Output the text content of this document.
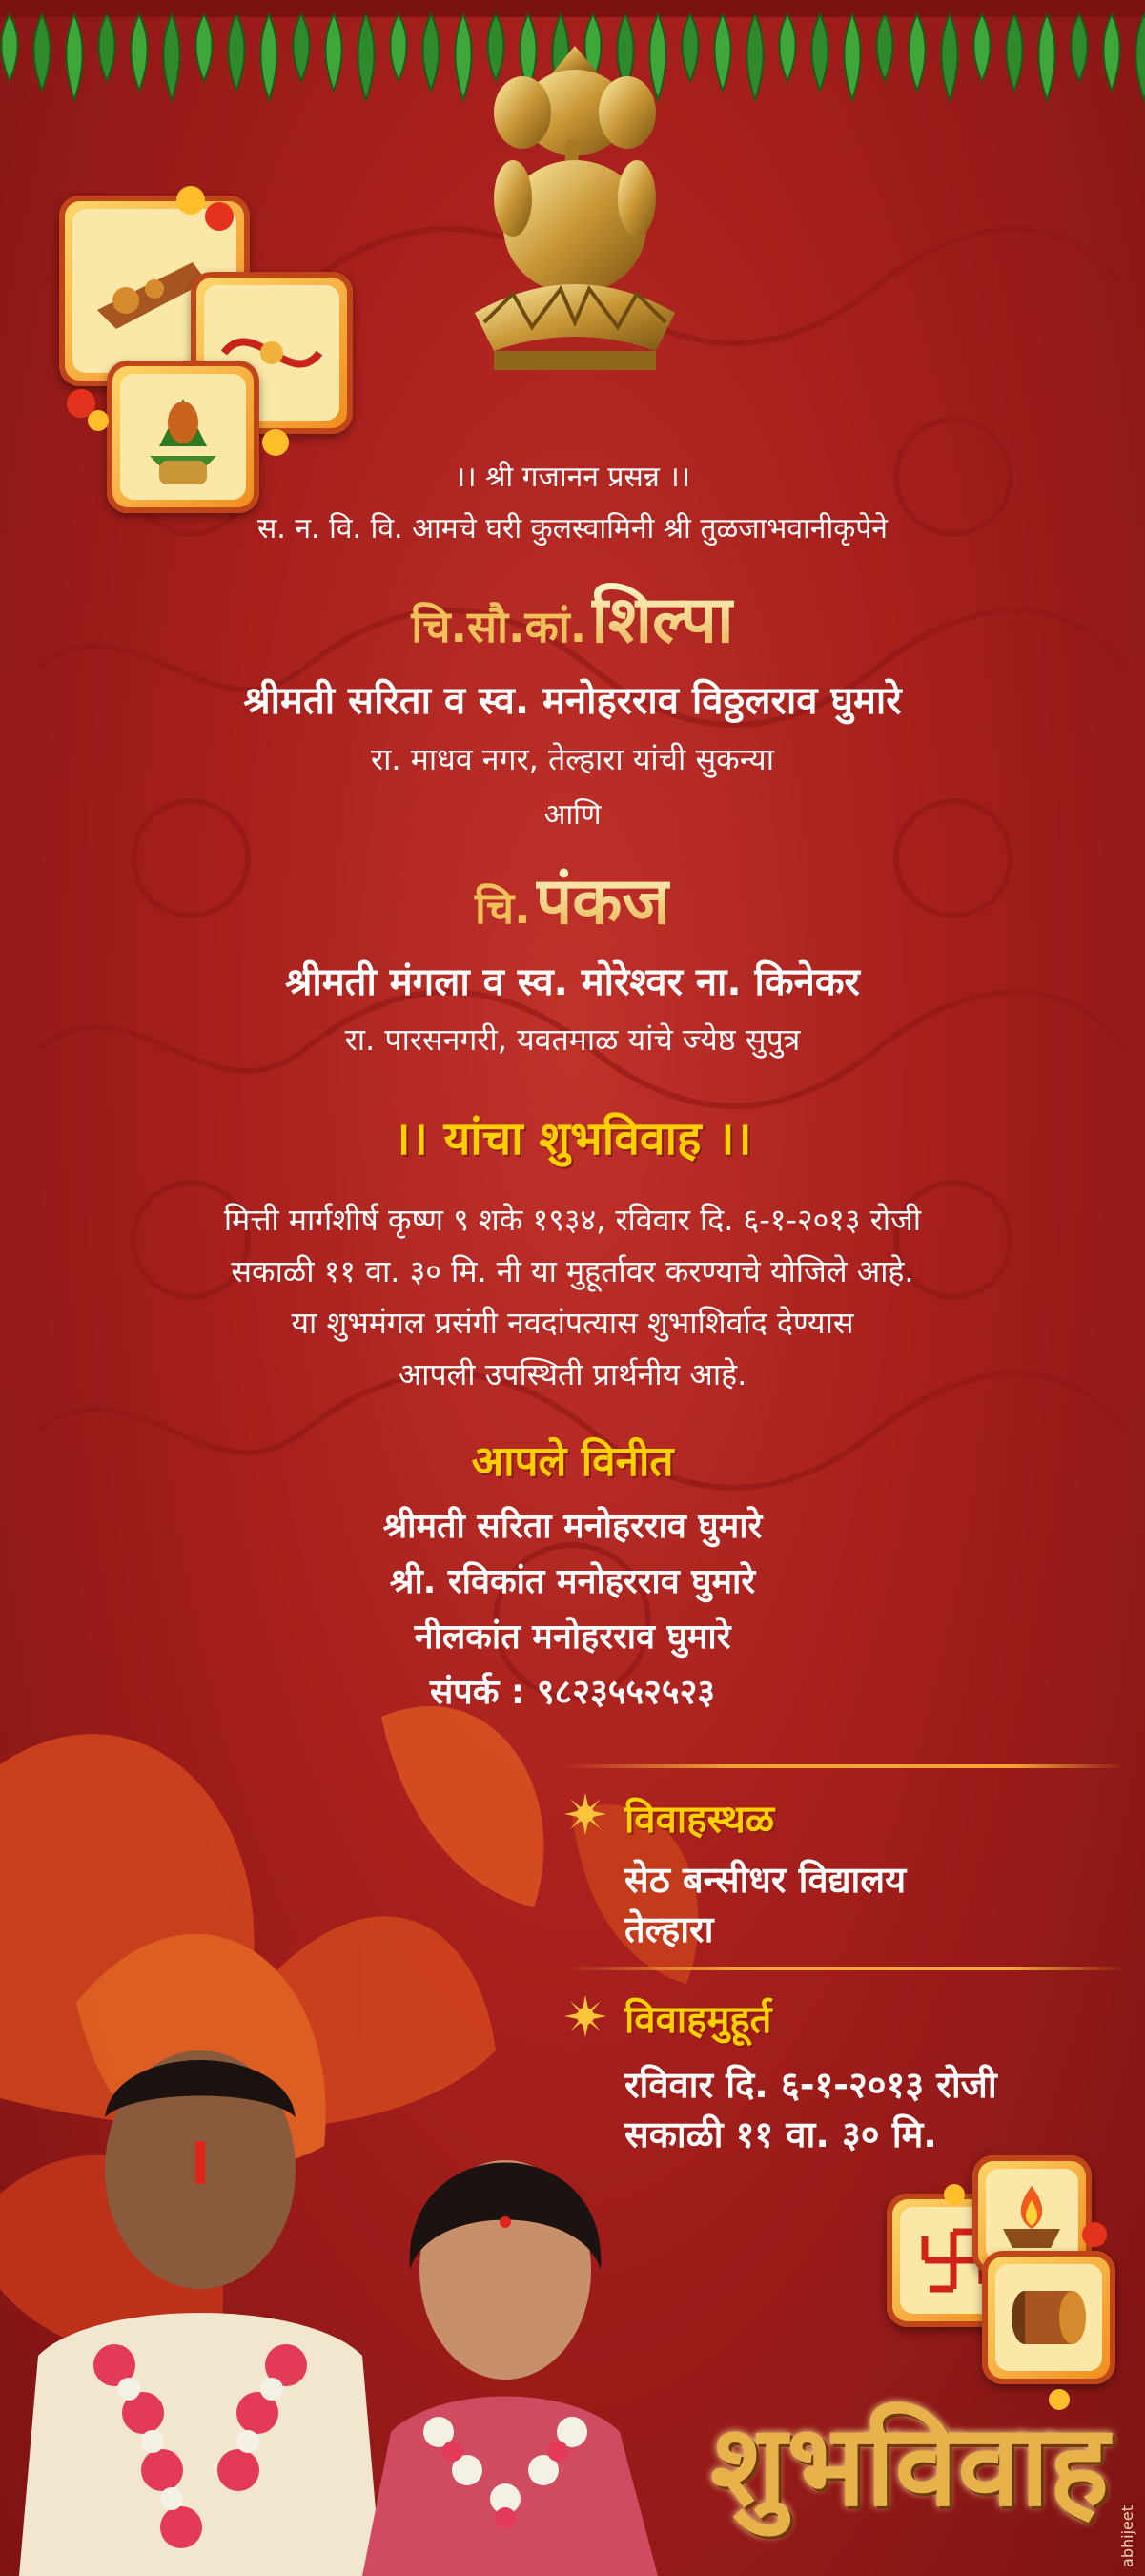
।। श्री गजानन प्रसन्न ।।
स. न. वि. वि. आमचे घरी कुलस्वामिनी श्री तुळजाभवानीकृपेने
चि.सौ.कां. शिल्पा
श्रीमती सरिता व स्व. मनोहरराव विठ्ठलराव घुमारे
रा. माधव नगर, तेल्हारा यांची सुकन्या
आणि
चि. पंकज
श्रीमती मंगला व स्व. मोरेश्वर ना. किनेकर
रा. पारसनगरी, यवतमाळ यांचे ज्येष्ठ सुपुत्र
।। यांचा शुभविवाह ।।
मित्ती मार्गशीर्ष कृष्ण ९ शके १९३४, रविवार दि. ६-१-२०१३ रोजी
सकाळी ११ वा. ३० मि. नी या मुहूर्तावर करण्याचे योजिले आहे.
या शुभमंगल प्रसंगी नवदांपत्यास शुभाशिर्वाद देण्यास
आपली उपस्थिती प्रार्थनीय आहे.
आपले विनीत
श्रीमती सरिता मनोहरराव घुमारे
श्री. रविकांत मनोहरराव घुमारे
नीलकांत मनोहरराव घुमारे
संपर्क : ९८२३५५२५२३
विवाहस्थळ
सेठ बन्सीधर विद्यालय
तेल्हारा
विवाहमुहूर्त
रविवार दि. ६-१-२०१३ रोजी
सकाळी ११ वा. ३० मि.
शुभविवाह
abhijeet
